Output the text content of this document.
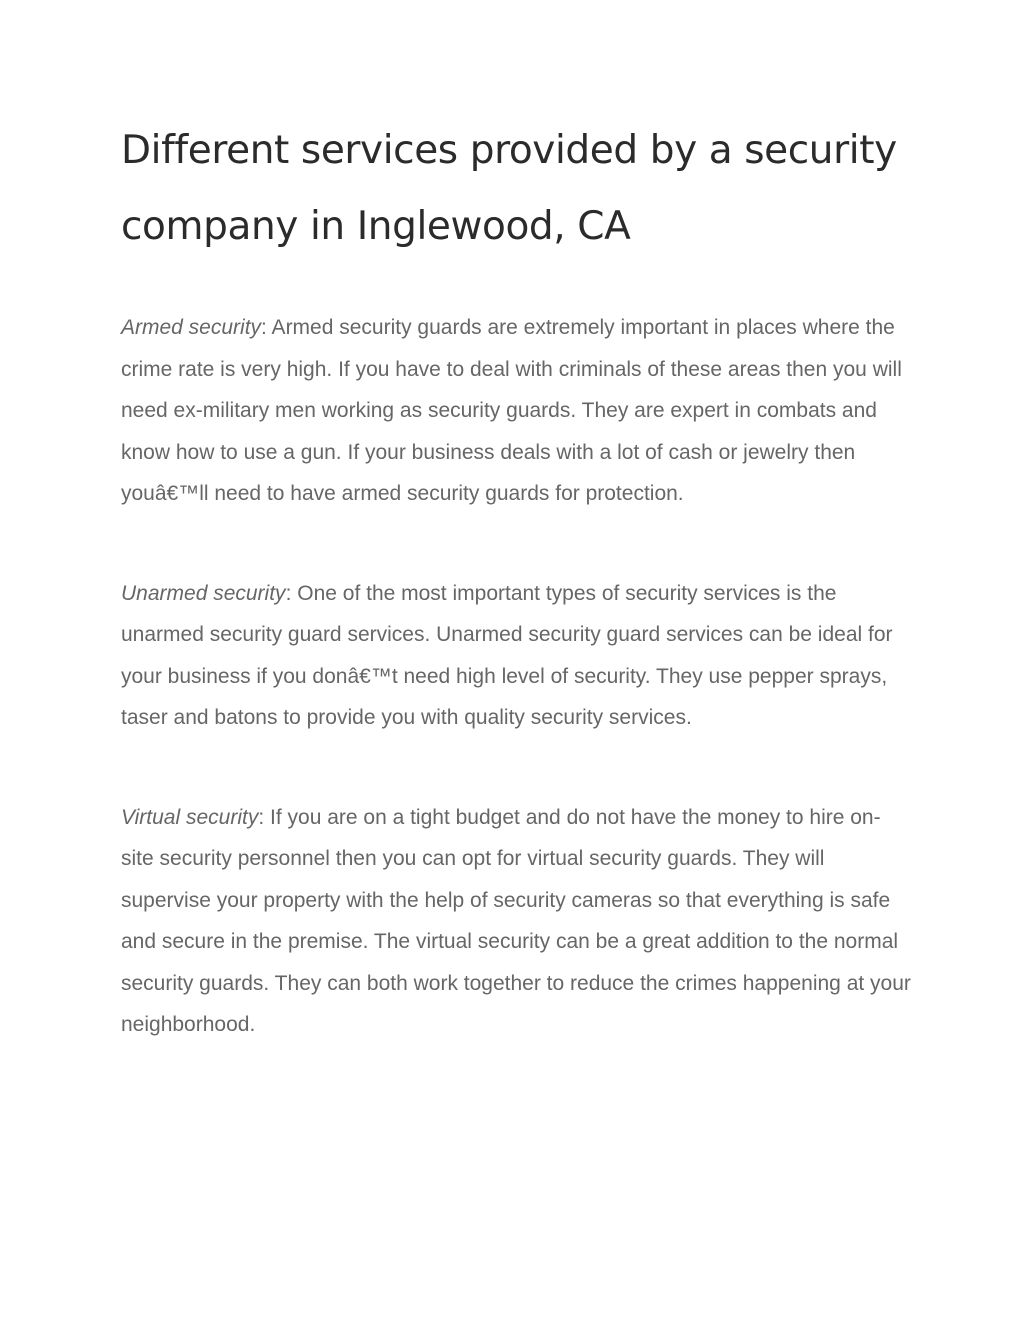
Different services provided by a security company in Inglewood, CA

Armed security: Armed security guards are extremely important in places where the crime rate is very high. If you have to deal with criminals of these areas then you will need ex-military men working as security guards. They are expert in combats and know how to use a gun. If your business deals with a lot of cash or jewelry then youâ€™ll need to have armed security guards for protection.

Unarmed security: One of the most important types of security services is the unarmed security guard services. Unarmed security guard services can be ideal for your business if you donâ€™t need high level of security. They use pepper sprays, taser and batons to provide you with quality security services.

Virtual security: If you are on a tight budget and do not have the money to hire on-site security personnel then you can opt for virtual security guards. They will supervise your property with the help of security cameras so that everything is safe and secure in the premise. The virtual security can be a great addition to the normal security guards. They can both work together to reduce the crimes happening at your neighborhood.
